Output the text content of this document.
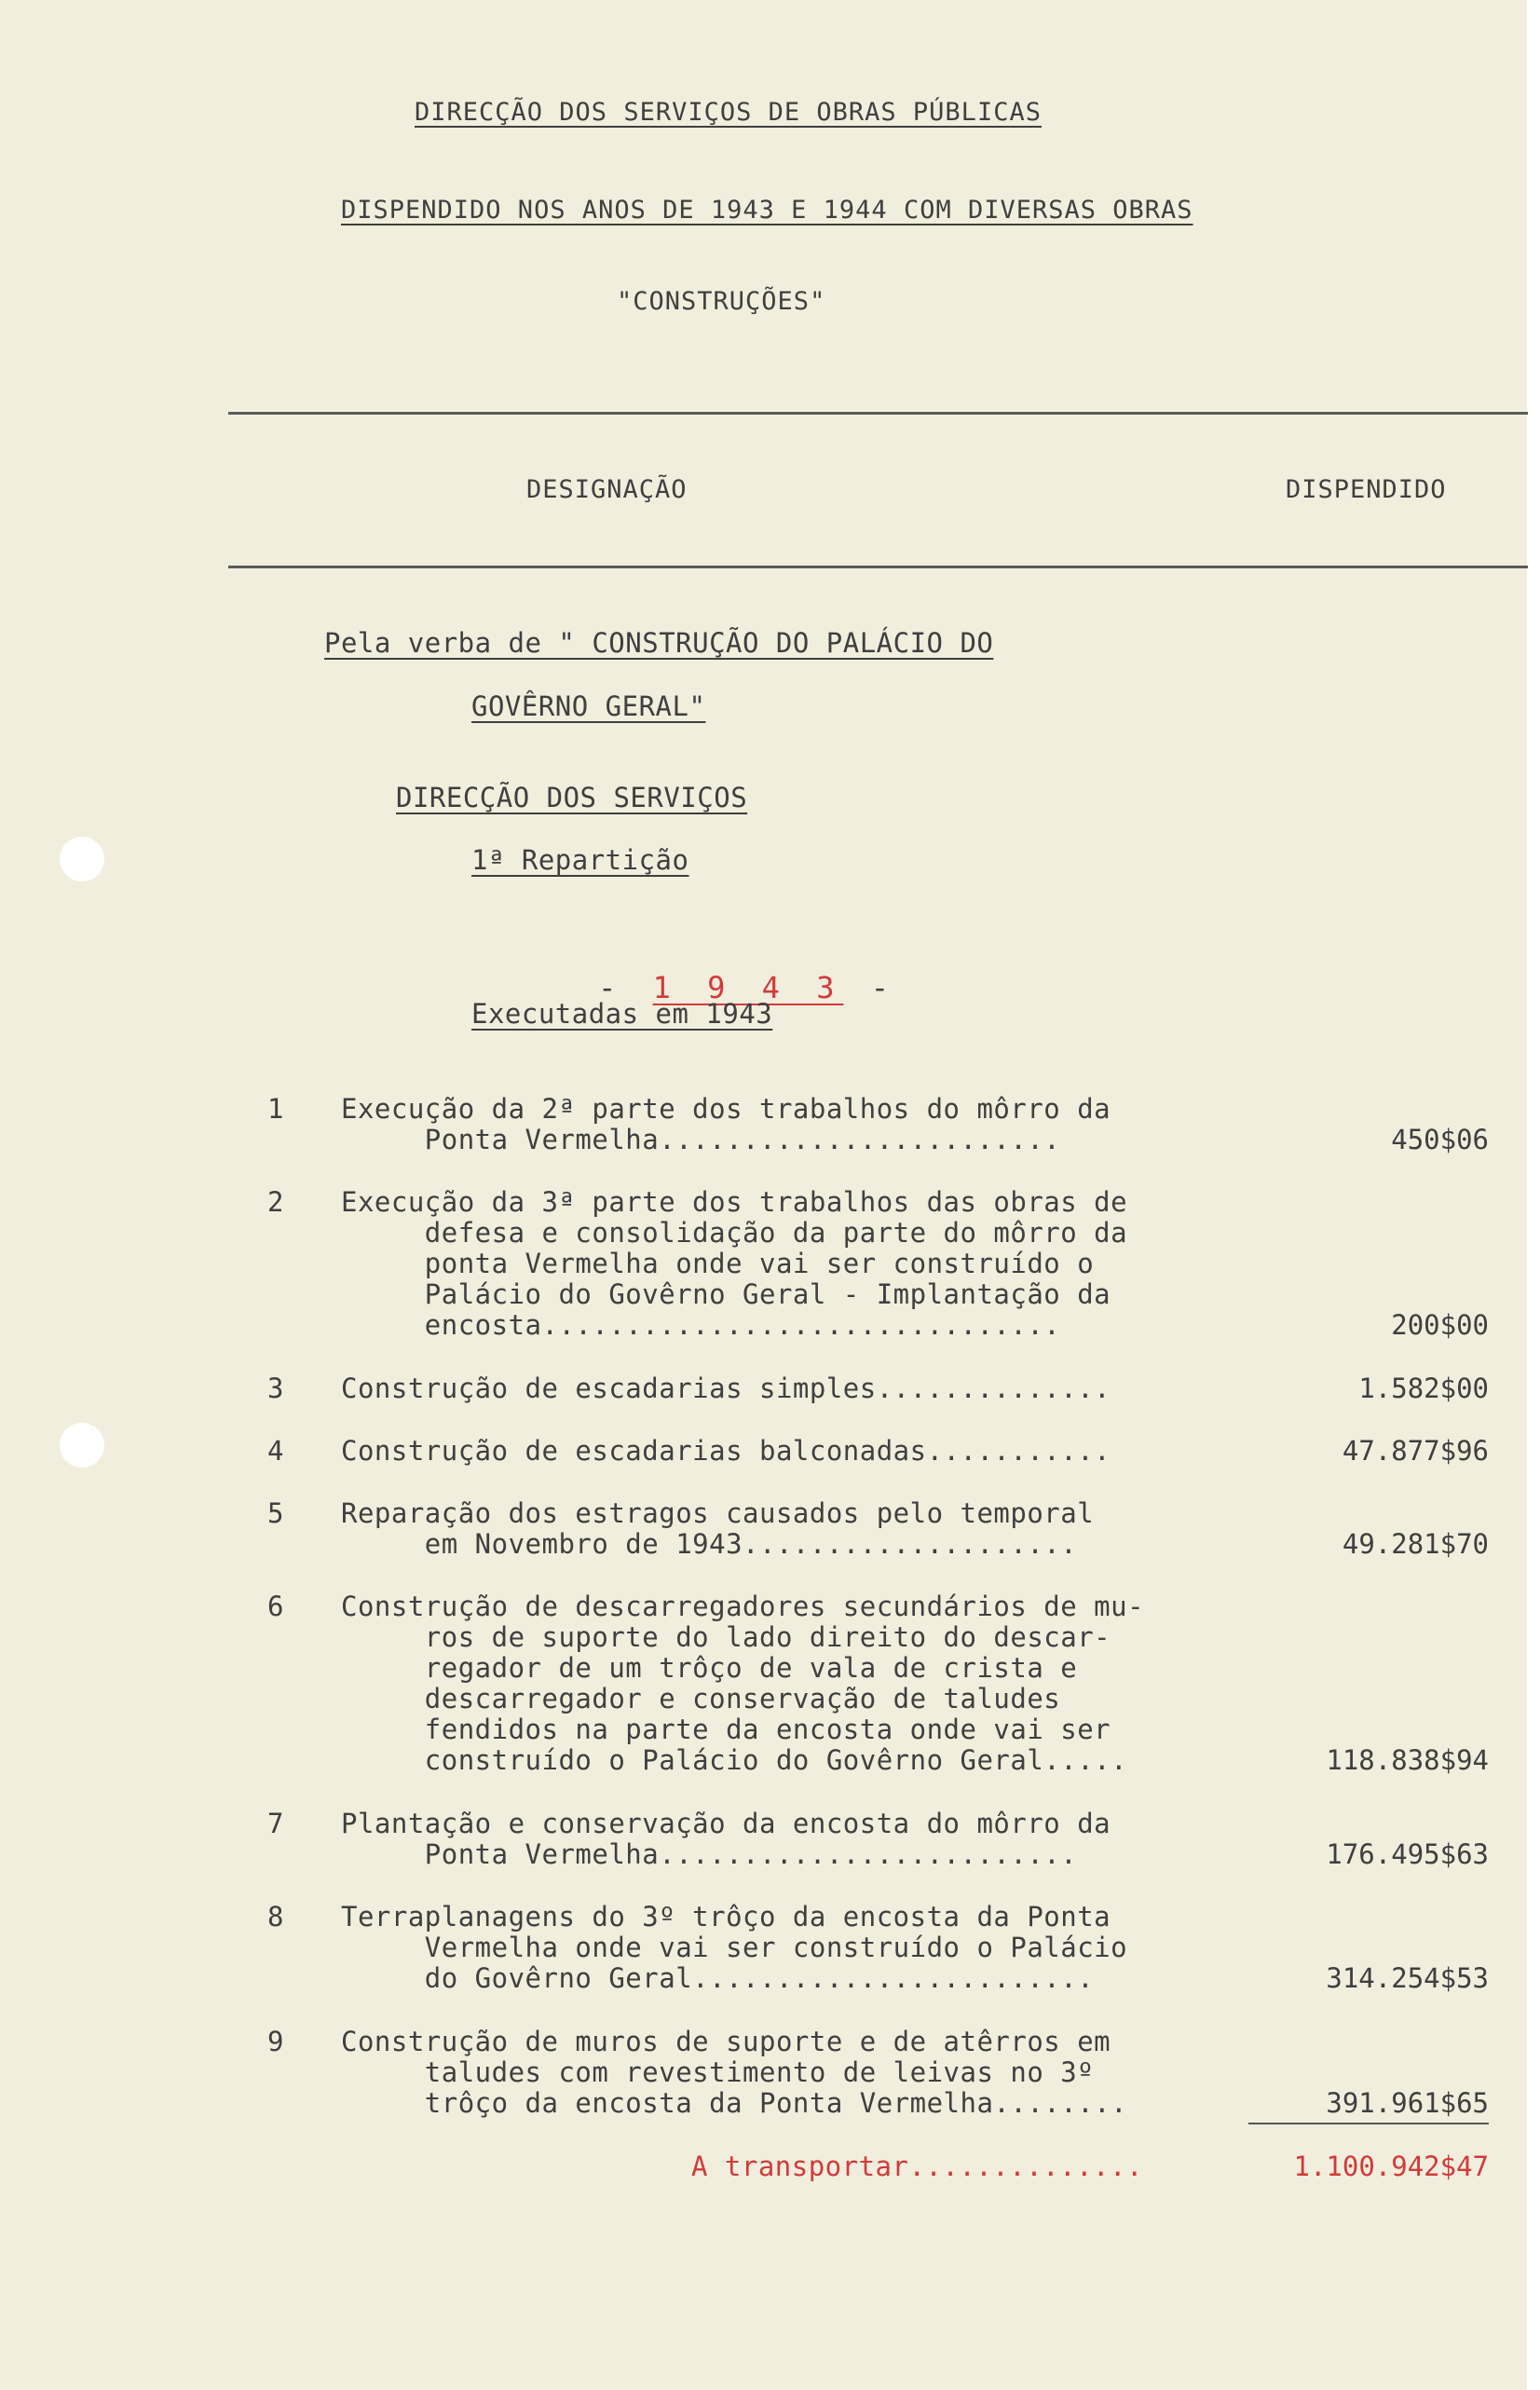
DIRECÇÃO DOS SERVIÇOS DE OBRAS PÚBLICAS
DISPENDIDO NOS ANOS DE 1943 E 1944 COM DIVERSAS OBRAS
"CONSTRUÇÕES"
DESIGNAÇÃO	DISPENDIDO
Pela verba de " CONSTRUÇÃO DO PALÁCIO DO
GOVÊRNO GERAL"
DIRECÇÃO DOS SERVIÇOS
1ª Repartição

- 1 9 4 3 -

Executadas em 1943
1 Execução da 2ª parte dos trabalhos do môrro da
Ponta Vermelha........................	450$06
2 Execução da 3ª parte dos trabalhos das obras de
defesa e consolidação da parte do môrro da
ponta Vermelha onde vai ser construído o
Palácio do Govêrno Geral - Implantação da
encosta...............................	200$00
3 Construção de escadarias simples..............	1.582$00
4 Construção de escadarias balconadas...........	47.877$96
5 Reparação dos estragos causados pelo temporal
em Novembro de 1943....................	49.281$70
6 Construção de descarregadores secundários de mu-
ros de suporte do lado direito do descar-
regador de um trôço de vala de crista e
descarregador e conservação de taludes
fendidos na parte da encosta onde vai ser
construído o Palácio do Govêrno Geral.....	118.838$94
7 Plantação e conservação da encosta do môrro da
Ponta Vermelha.........................	176.495$63
8 Terraplanagens do 3º trôço da encosta da Ponta
Vermelha onde vai ser construído o Palácio
do Govêrno Geral........................	314.254$53
9 Construção de muros de suporte e de atêrros em
taludes com revestimento de leivas no 3º
trôço da encosta da Ponta Vermelha........	391.961$65
A transportar..............	1.100.942$47
